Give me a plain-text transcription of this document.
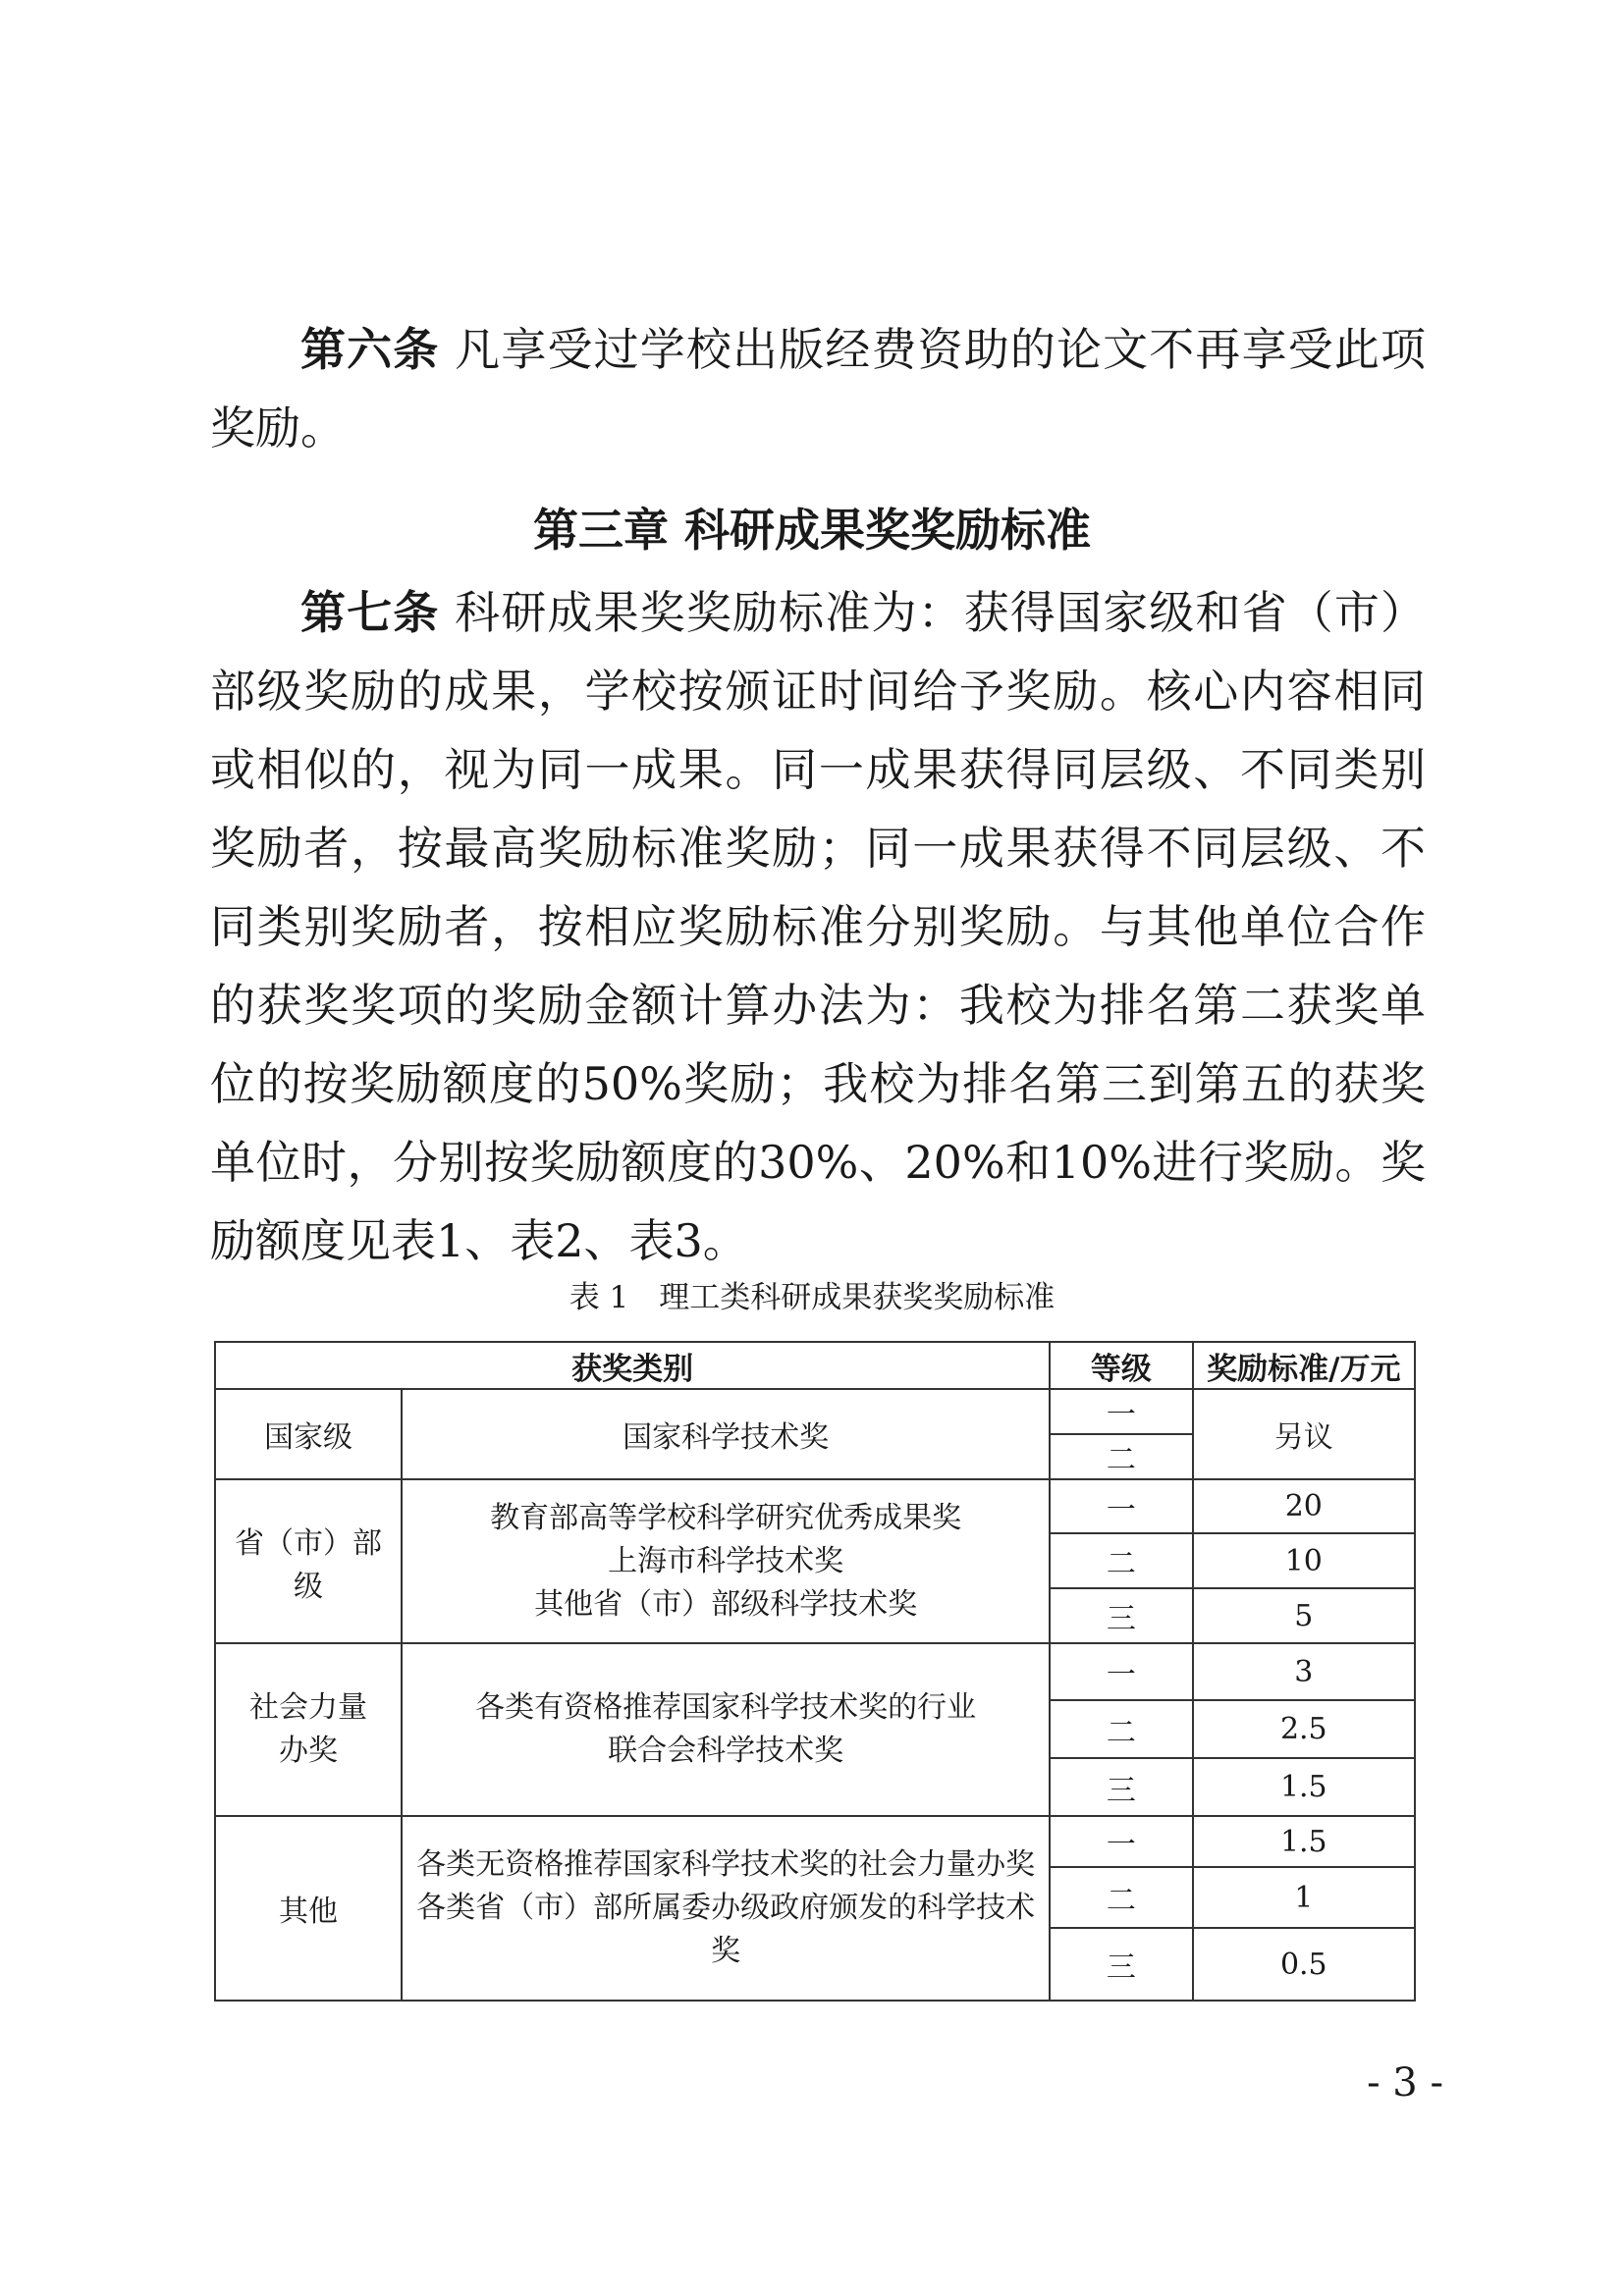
第六条 凡享受过学校出版经费资助的论文不再享受此项奖励。
第三章 科研成果奖奖励标准
第七条 科研成果奖奖励标准为：获得国家级和省（市）部级奖励的成果，学校按颁证时间给予奖励。核心内容相同或相似的，视为同一成果。同一成果获得同层级、不同类别奖励者，按最高奖励标准奖励；同一成果获得不同层级、不同类别奖励者，按相应奖励标准分别奖励。与其他单位合作的获奖奖项的奖励金额计算办法为：我校为排名第二获奖单位的按奖励额度的50%奖励；我校为排名第三到第五的获奖单位时，分别按奖励额度的30%、20%和10%进行奖励。奖励额度见表1、表2、表3。
表 1　理工类科研成果获奖奖励标准
获奖类别		等级	奖励标准/万元
国家级	国家科学技术奖	一	另议
		二	
省（市）部级	教育部高等学校科学研究优秀成果奖
上海市科学技术奖
其他省（市）部级科学技术奖	一	20
		二	10
		三	5
社会力量
办奖	各类有资格推荐国家科学技术奖的行业
联合会科学技术奖	一	3
		二	2.5
		三	1.5
其他	各类无资格推荐国家科学技术奖的社会力量办奖
各类省（市）部所属委办级政府颁发的科学技术奖	一	1.5
		二	1
		三	0.5
- 3 -
